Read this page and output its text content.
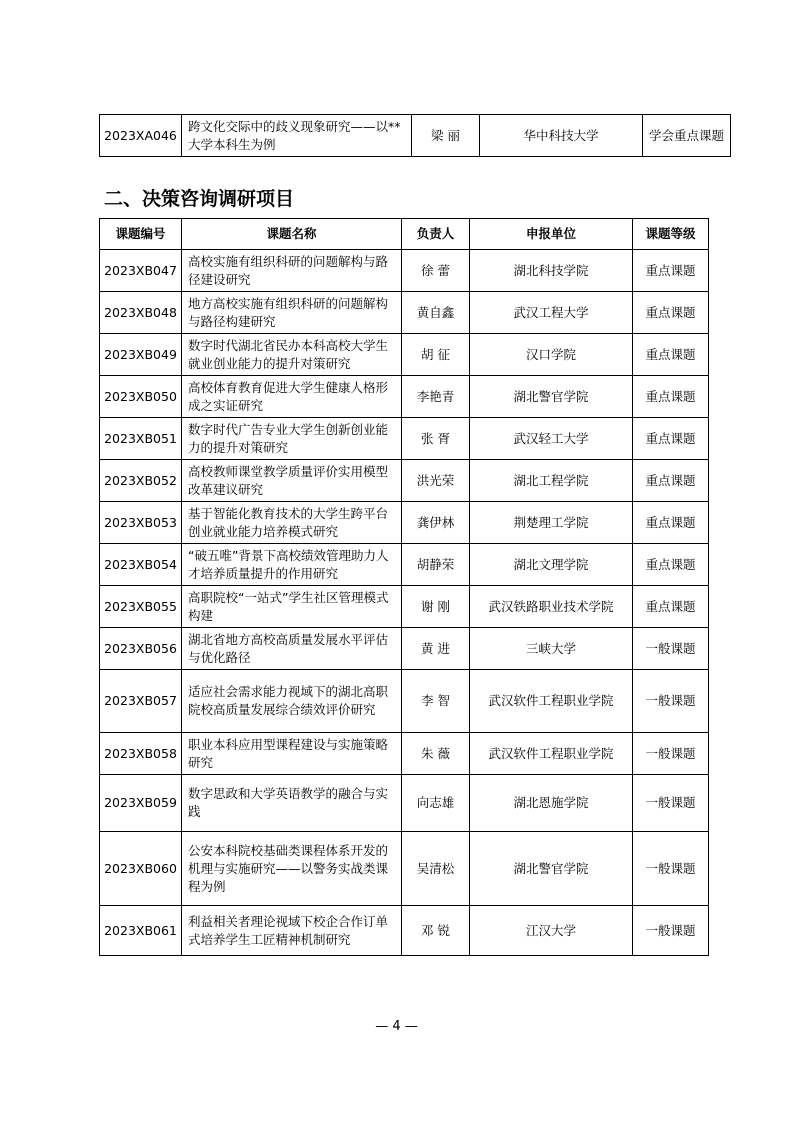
2023XA046	跨文化交际中的歧义现象研究——以**大学本科生为例	梁 丽	华中科技大学	学会重点课题
二、决策咨询调研项目
课题编号	课题名称	负责人	申报单位	课题等级
2023XB047	高校实施有组织科研的问题解构与路径建设研究	徐 蕾	湖北科技学院	重点课题
2023XB048	地方高校实施有组织科研的问题解构与路径构建研究	黄自鑫	武汉工程大学	重点课题
2023XB049	数字时代湖北省民办本科高校大学生就业创业能力的提升对策研究	胡 征	汉口学院	重点课题
2023XB050	高校体育教育促进大学生健康人格形成之实证研究	李艳青	湖北警官学院	重点课题
2023XB051	数字时代广告专业大学生创新创业能力的提升对策研究	张 胥	武汉轻工大学	重点课题
2023XB052	高校教师课堂教学质量评价实用模型改革建议研究	洪光荣	湖北工程学院	重点课题
2023XB053	基于智能化教育技术的大学生跨平台创业就业能力培养模式研究	龚伊林	荆楚理工学院	重点课题
2023XB054	“破五唯”背景下高校绩效管理助力人才培养质量提升的作用研究	胡静荣	湖北文理学院	重点课题
2023XB055	高职院校“一站式”学生社区管理模式构建	谢 刚	武汉铁路职业技术学院	重点课题
2023XB056	湖北省地方高校高质量发展水平评估与优化路径	黄 进	三峡大学	一般课题
2023XB057	适应社会需求能力视域下的湖北高职院校高质量发展综合绩效评价研究	李 智	武汉软件工程职业学院	一般课题
2023XB058	职业本科应用型课程建设与实施策略研究	朱 薇	武汉软件工程职业学院	一般课题
2023XB059	数字思政和大学英语教学的融合与实践	向志雄	湖北恩施学院	一般课题
2023XB060	公安本科院校基础类课程体系开发的机理与实施研究——以警务实战类课程为例	吴清松	湖北警官学院	一般课题
2023XB061	利益相关者理论视域下校企合作订单式培养学生工匠精神机制研究	邓 锐	江汉大学	一般课题
— 4 —
